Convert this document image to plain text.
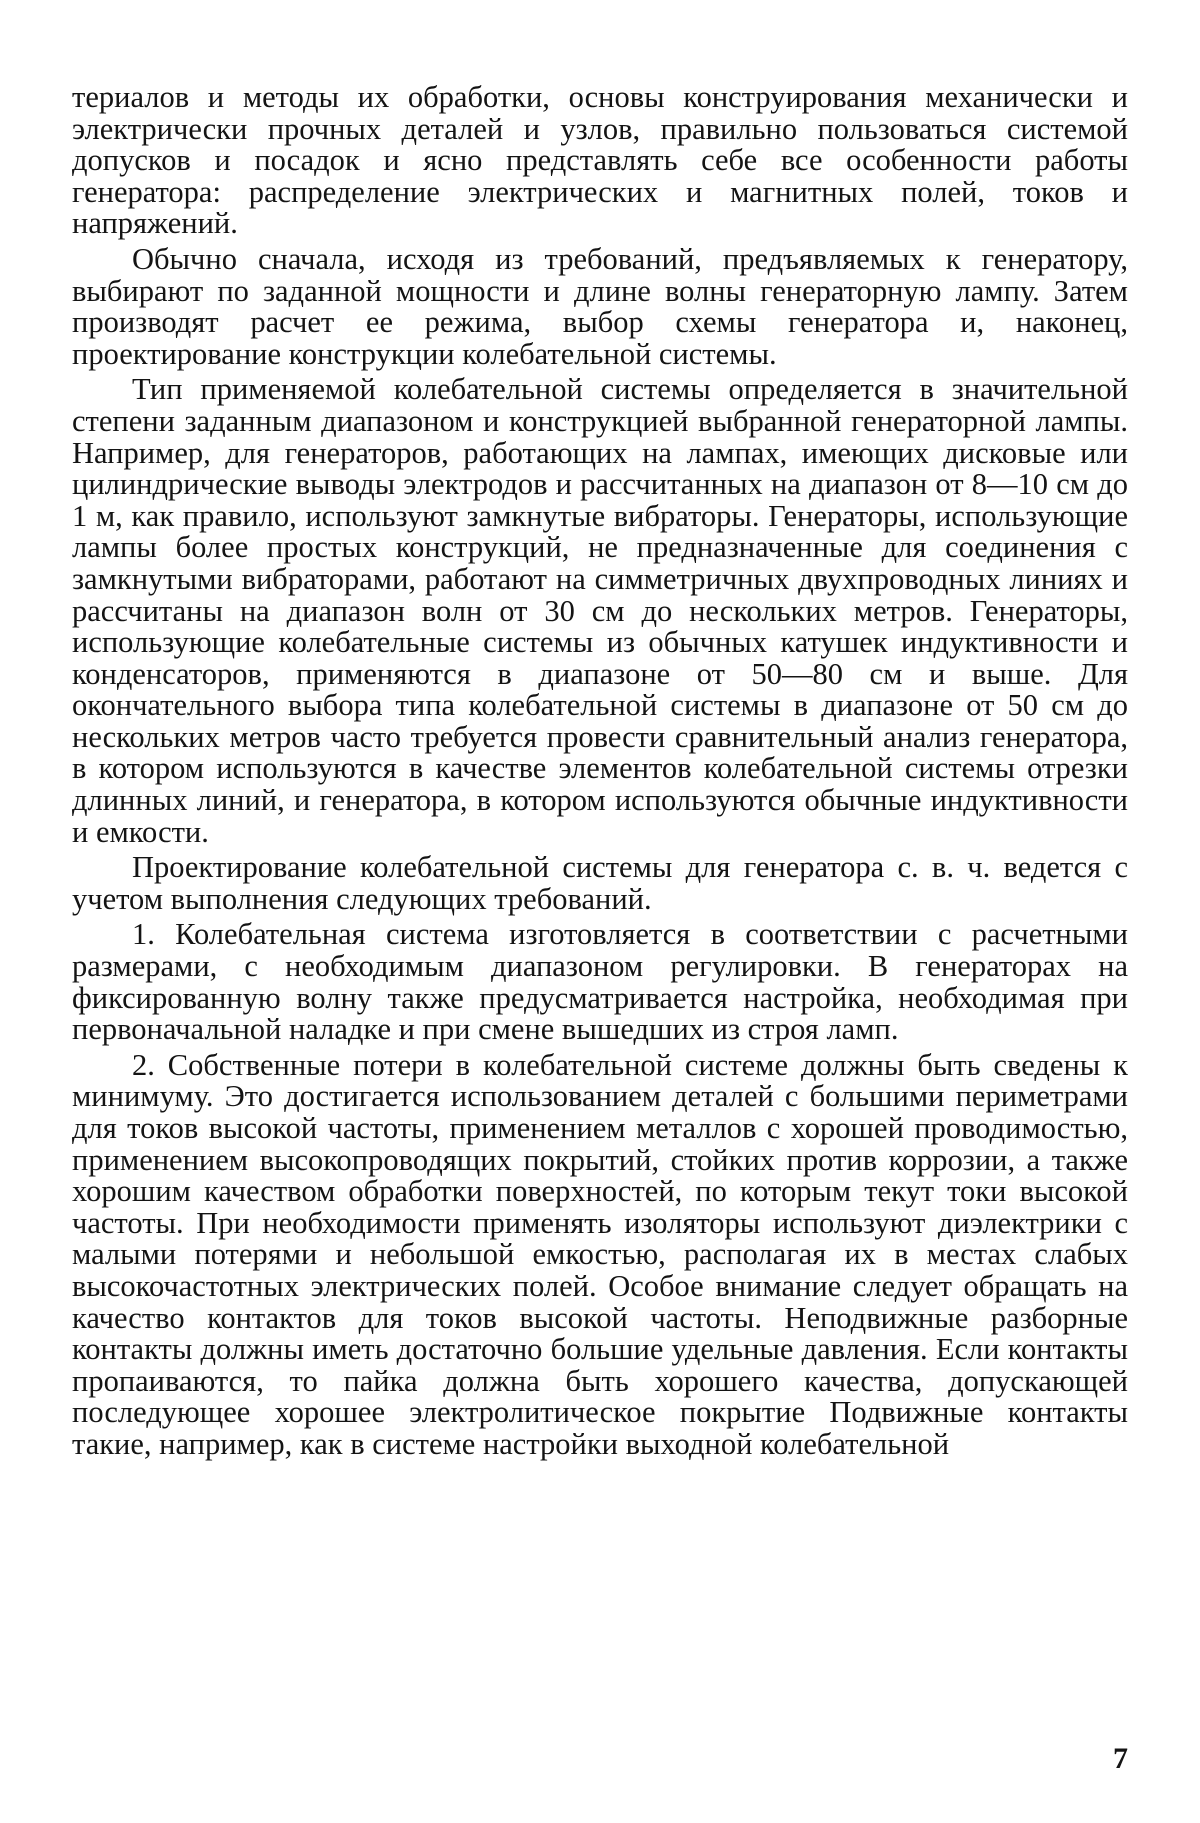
териалов и методы их обработки, основы конструирования механически и электрически прочных деталей и узлов, правильно пользоваться системой допусков и посадок и ясно представлять себе все особенности работы генератора: распределение электрических и магнитных полей, токов и напряжений.

Обычно сначала, исходя из требований, предъявляемых к генератору, выбирают по заданной мощности и длине волны генераторную лампу. Затем производят расчет ее режима, выбор схемы генератора и, наконец, проектирование конструкции колебательной системы.

Тип применяемой колебательной системы определяется в значительной степени заданным диапазоном и конструкцией выбранной генераторной лампы. Например, для генераторов, работающих на лампах, имеющих дисковые или цилиндрические выводы электродов и рассчитанных на диапазон от 8—10 см до 1 м, как правило, используют замкнутые вибраторы. Генераторы, использующие лампы более простых конструкций, не предназначенные для соединения с замкнутыми вибраторами, работают на симметричных двухпроводных линиях и рассчитаны на диапазон волн от 30 см до нескольких метров. Генераторы, использующие колебательные системы из обычных катушек индуктивности и конденсаторов, применяются в диапазоне от 50—80 см и выше. Для окончательного выбора типа колебательной системы в диапазоне от 50 см до нескольких метров часто требуется провести сравнительный анализ генератора, в котором используются в качестве элементов колебательной системы отрезки длинных линий, и генератора, в котором используются обычные индуктивности и емкости.

Проектирование колебательной системы для генератора с. в. ч. ведется с учетом выполнения следующих требований.

1. Колебательная система изготовляется в соответствии с расчетными размерами, с необходимым диапазоном регулировки. В генераторах на фиксированную волну также предусматривается настройка, необходимая при первоначальной наладке и при смене вышедших из строя ламп.

2. Собственные потери в колебательной системе должны быть сведены к минимуму. Это достигается использованием деталей с большими периметрами для токов высокой частоты, применением металлов с хорошей проводимостью, применением высокопроводящих покрытий, стойких против коррозии, а также хорошим качеством обработки поверхностей, по которым текут токи высокой частоты. При необходимости применять изоляторы используют диэлектрики с малыми потерями и небольшой емкостью, располагая их в местах слабых высокочастотных электрических полей. Особое внимание следует обращать на качество контактов для токов высокой частоты. Неподвижные разборные контакты должны иметь достаточно большие удельные давления. Если контакты пропаиваются, то пайка должна быть хорошего качества, допускающей последующее хорошее электролитическое покрытие Подвижные контакты такие, например, как в системе настройки выходной колебательной

7
